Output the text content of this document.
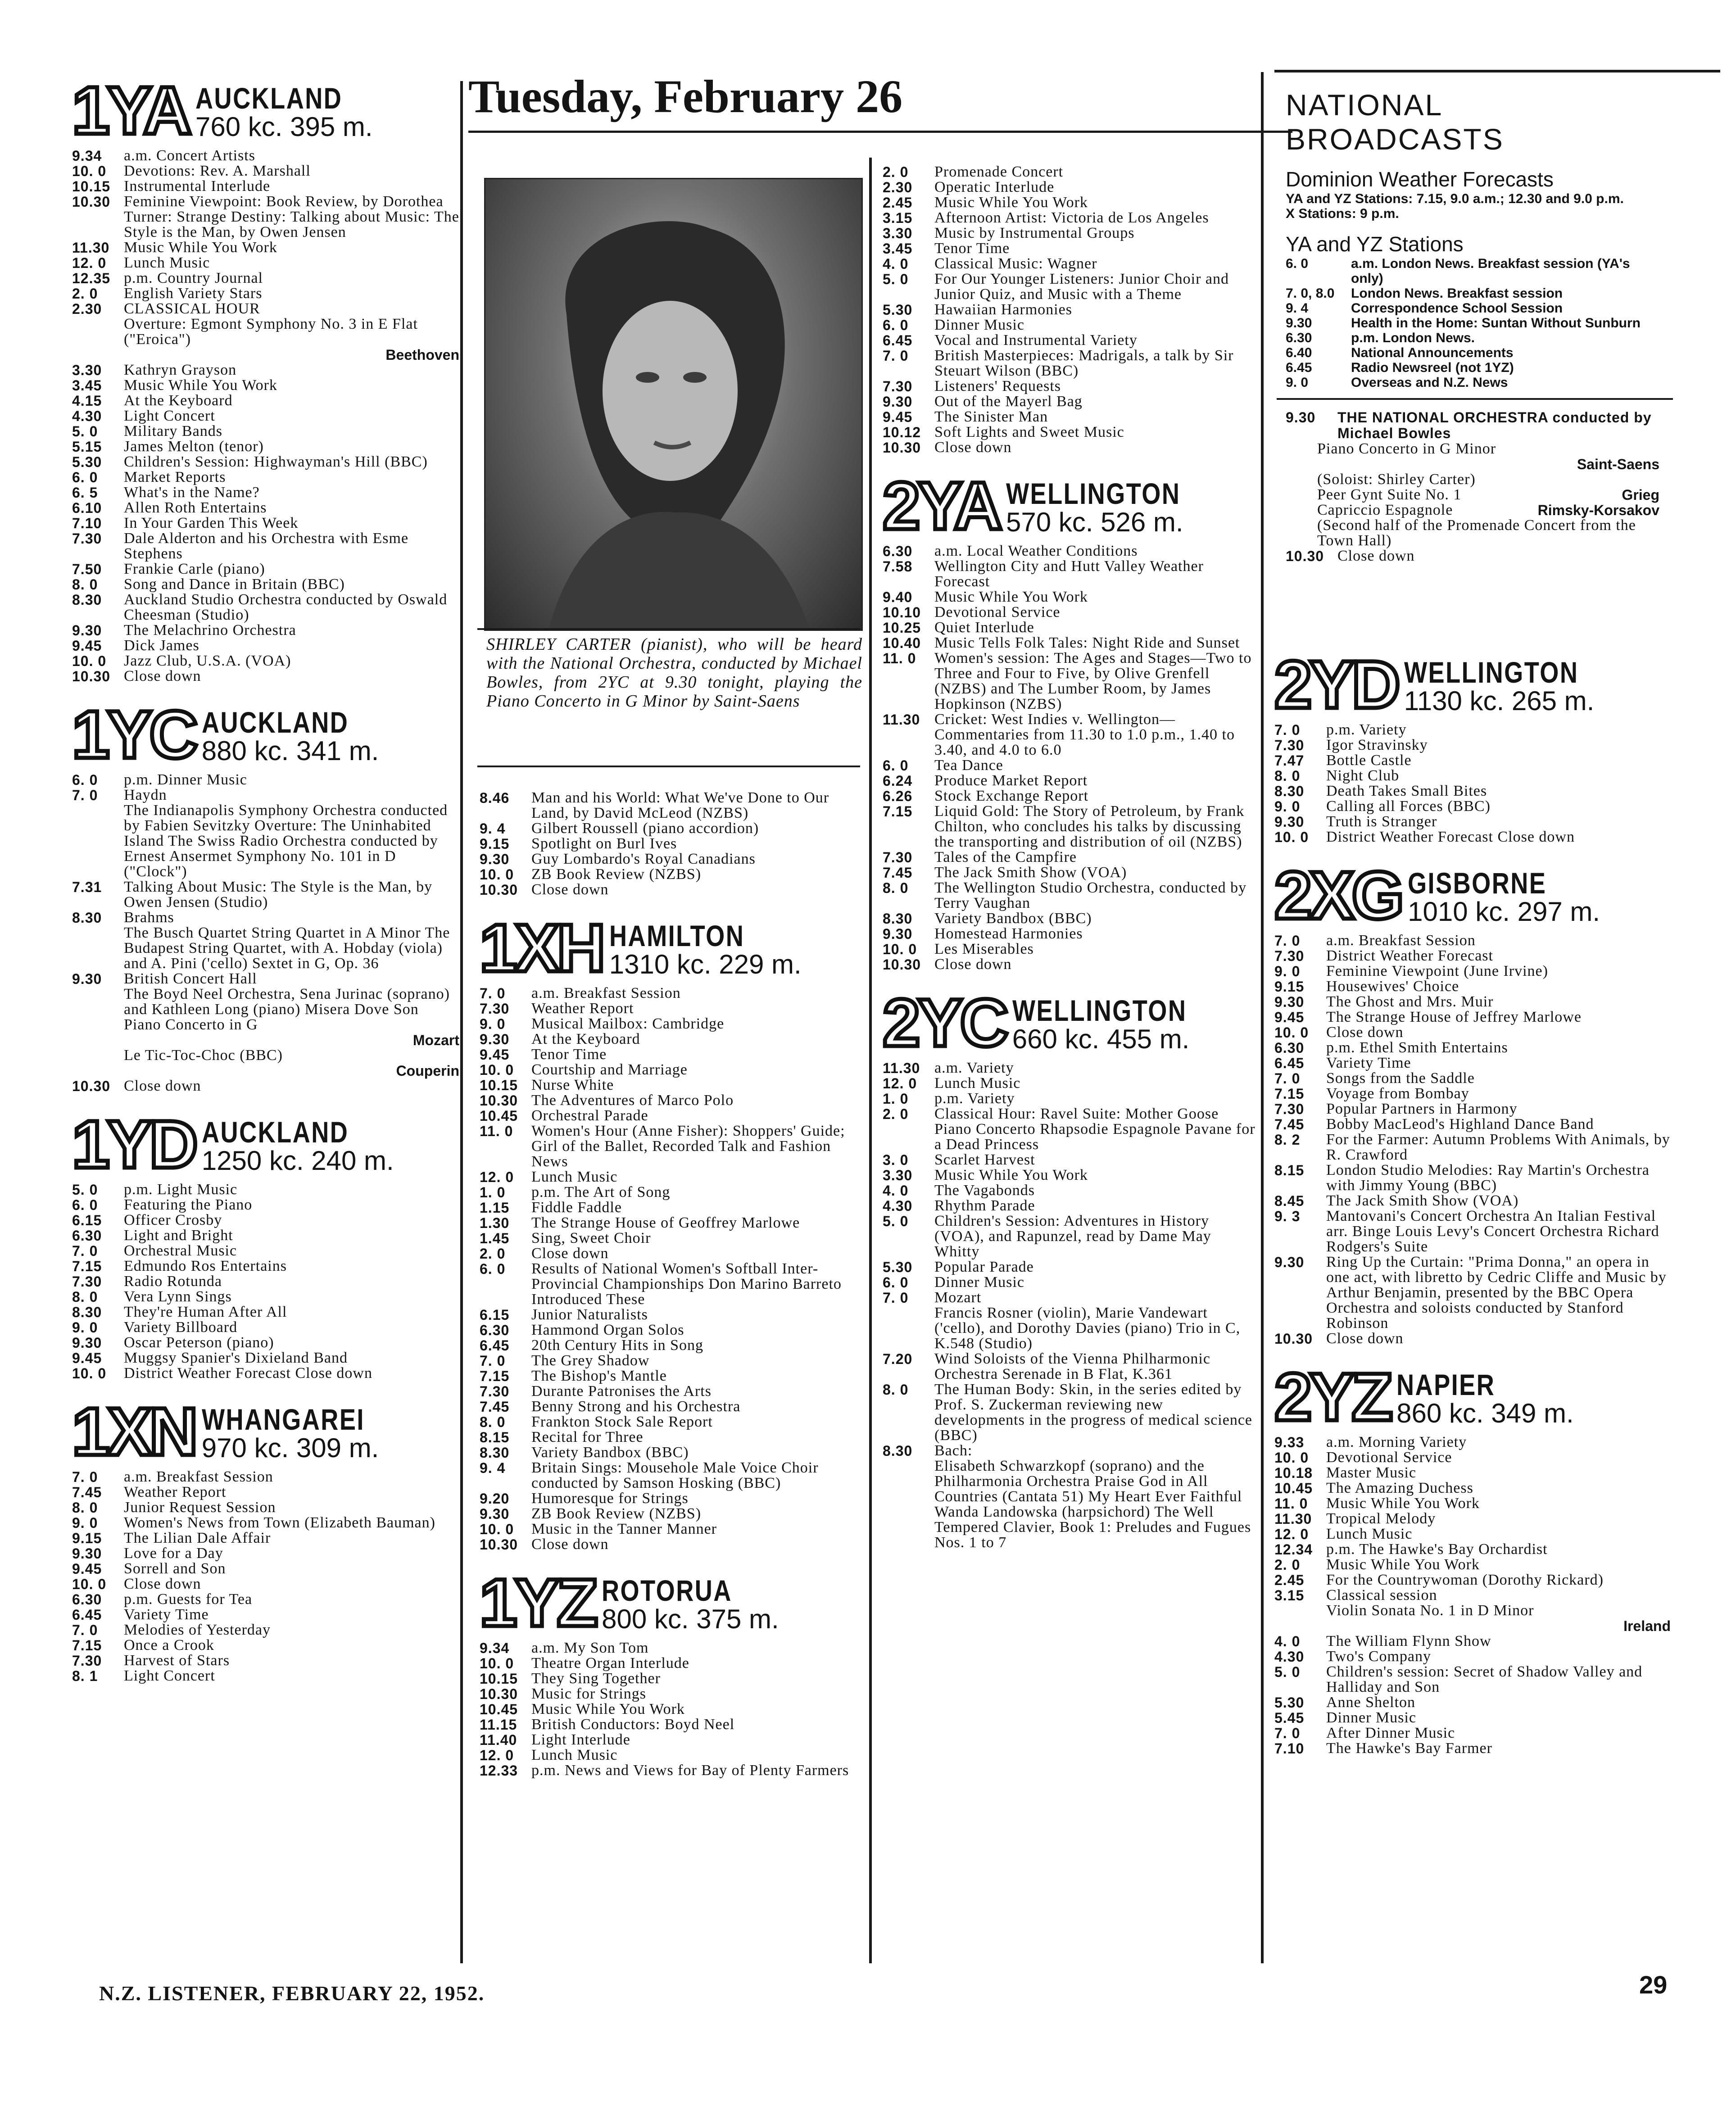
Tuesday, February 26
SHIRLEY CARTER (pianist), who will be heard with the National Orchestra, conducted by Michael Bowles, from 2YC at 9.30 tonight, playing the Piano Concerto in G Minor by Saint-Saens
1YA AUCKLAND
760 kc. 395 m.
9.34	a.m. Concert Artists
10. 0	Devotions: Rev. A. Marshall
10.15 Instrumental Interlude
10.30 Feminine Viewpoint: Book Review, by Dorothea Turner: Strange Destiny: Talking about Music: The Style is the Man, by Owen Jensen
11.30 Music While You Work
12. 0	Lunch Music
12.35 p.m. Country Journal
2. 0	English Variety Stars
2.30	CLASSICAL HOUR
Overture: Egmont Symphony No. 3 in E Flat ("Eroica")
Beethoven
3.30	Kathryn Grayson
3.45	Music While You Work
4.15	At the Keyboard
4.30	Light Concert
5. 0	Military Bands
5.15	James Melton (tenor)
5.30	Children's Session: Highwayman's Hill (BBC)
6. 0	Market Reports
6. 5	What's in the Name?
6.10	Allen Roth Entertains
7.10	In Your Garden This Week
7.30	Dale Alderton and his Orchestra with Esme Stephens
7.50	Frankie Carle (piano)
8. 0	Song and Dance in Britain (BBC)
8.30	Auckland Studio Orchestra conducted by Oswald Cheesman (Studio)
9.30	The Melachrino Orchestra
9.45	Dick James
10. 0	Jazz Club, U.S.A. (VOA)
10.30 Close down
1YC AUCKLAND
880 kc. 341 m.
6. 0	p.m. Dinner Music
7. 0	Haydn
The Indianapolis Symphony Orchestra conducted by Fabien Sevitzky Overture: The Uninhabited Island The Swiss Radio Orchestra conducted by Ernest Ansermet Symphony No. 101 in D ("Clock")
7.31	Talking About Music: The Style is the Man, by Owen Jensen (Studio)
8.30	Brahms
The Busch Quartet String Quartet in A Minor The Budapest String Quartet, with A. Hobday (viola) and A. Pini ('cello) Sextet in G, Op. 36
9.30	British Concert Hall
The Boyd Neel Orchestra, Sena Jurinac (soprano) and Kathleen Long (piano) Misera Dove Son Piano Concerto in G
Mozart
Le Tic-Toc-Choc (BBC)
Couperin
10.30 Close down
1YD AUCKLAND
1250 kc. 240 m.
5. 0	p.m. Light Music
6. 0	Featuring the Piano
6.15	Officer Crosby
6.30	Light and Bright
7. 0	Orchestral Music
7.15	Edmundo Ros Entertains
7.30	Radio Rotunda
8. 0	Vera Lynn Sings
8.30	They're Human After All
9. 0	Variety Billboard
9.30	Oscar Peterson (piano)
9.45	Muggsy Spanier's Dixieland Band
10. 0	District Weather Forecast Close down
1XN WHANGAREI
970 kc. 309 m.
7. 0	a.m. Breakfast Session
7.45	Weather Report
8. 0	Junior Request Session
9. 0	Women's News from Town (Elizabeth Bauman)
9.15	The Lilian Dale Affair
9.30	Love for a Day
9.45	Sorrell and Son
10. 0	Close down
6.30	p.m. Guests for Tea
6.45	Variety Time
7. 0	Melodies of Yesterday
7.15	Once a Crook
7.30	Harvest of Stars
8. 1	Light Concert
8.46	Man and his World: What We've Done to Our Land, by David McLeod (NZBS)
9. 4	Gilbert Roussell (piano accordion)
9.15	Spotlight on Burl Ives
9.30	Guy Lombardo's Royal Canadians
10. 0	ZB Book Review (NZBS)
10.30 Close down
1XH HAMILTON
1310 kc. 229 m.
7. 0	a.m. Breakfast Session
7.30	Weather Report
9. 0	Musical Mailbox: Cambridge
9.30	At the Keyboard
9.45	Tenor Time
10. 0	Courtship and Marriage
10.15 Nurse White
10.30 The Adventures of Marco Polo
10.45 Orchestral Parade
11. 0	Women's Hour (Anne Fisher): Shoppers' Guide; Girl of the Ballet, Recorded Talk and Fashion News
12. 0	Lunch Music
1. 0	p.m. The Art of Song
1.15	Fiddle Faddle
1.30	The Strange House of Geoffrey Marlowe
1.45	Sing, Sweet Choir
2. 0	Close down
6. 0	Results of National Women's Softball Inter-Provincial Championships Don Marino Barreto Introduced These
6.15	Junior Naturalists
6.30	Hammond Organ Solos
6.45	20th Century Hits in Song
7. 0	The Grey Shadow
7.15	The Bishop's Mantle
7.30	Durante Patronises the Arts
7.45	Benny Strong and his Orchestra
8. 0	Frankton Stock Sale Report
8.15	Recital for Three
8.30	Variety Bandbox (BBC)
9. 4	Britain Sings: Mousehole Male Voice Choir conducted by Samson Hosking (BBC)
9.20	Humoresque for Strings
9.30	ZB Book Review (NZBS)
10. 0	Music in the Tanner Manner
10.30 Close down
1YZ ROTORUA
800 kc. 375 m.
9.34	a.m. My Son Tom
10. 0	Theatre Organ Interlude
10.15 They Sing Together
10.30 Music for Strings
10.45 Music While You Work
11.15 British Conductors: Boyd Neel
11.40 Light Interlude
12. 0	Lunch Music
12.33 p.m. News and Views for Bay of Plenty Farmers
2. 0	Promenade Concert
2.30	Operatic Interlude
2.45	Music While You Work
3.15	Afternoon Artist: Victoria de Los Angeles
3.30	Music by Instrumental Groups
3.45	Tenor Time
4. 0	Classical Music: Wagner
5. 0	For Our Younger Listeners: Junior Choir and Junior Quiz, and Music with a Theme
5.30	Hawaiian Harmonies
6. 0	Dinner Music
6.45	Vocal and Instrumental Variety
7. 0	British Masterpieces: Madrigals, a talk by Sir Steuart Wilson (BBC)
7.30	Listeners' Requests
9.30	Out of the Mayerl Bag
9.45	The Sinister Man
10.12 Soft Lights and Sweet Music
10.30 Close down
2YA WELLINGTON
570 kc. 526 m.
6.30	a.m. Local Weather Conditions
7.58	Wellington City and Hutt Valley Weather Forecast
9.40	Music While You Work
10.10 Devotional Service
10.25 Quiet Interlude
10.40 Music Tells Folk Tales: Night Ride and Sunset
11. 0	Women's session: The Ages and Stages—Two to Three and Four to Five, by Olive Grenfell (NZBS) and The Lumber Room, by James Hopkinson (NZBS)
11.30 Cricket: West Indies v. Wellington—Commentaries from 11.30 to 1.0 p.m., 1.40 to 3.40, and 4.0 to 6.0
6. 0	Tea Dance
6.24	Produce Market Report
6.26	Stock Exchange Report
7.15	Liquid Gold: The Story of Petroleum, by Frank Chilton, who concludes his talks by discussing the transporting and distribution of oil (NZBS)
7.30	Tales of the Campfire
7.45	The Jack Smith Show (VOA)
8. 0	The Wellington Studio Orchestra, conducted by Terry Vaughan
8.30	Variety Bandbox (BBC)
9.30	Homestead Harmonies
10. 0	Les Miserables
10.30 Close down
2YC WELLINGTON
660 kc. 455 m.
11.30 a.m. Variety
12. 0	Lunch Music
1. 0	p.m. Variety
2. 0	Classical Hour: Ravel Suite: Mother Goose Piano Concerto Rhapsodie Espagnole Pavane for a Dead Princess
3. 0	Scarlet Harvest
3.30	Music While You Work
4. 0	The Vagabonds
4.30	Rhythm Parade
5. 0	Children's Session: Adventures in History (VOA), and Rapunzel, read by Dame May Whitty
5.30	Popular Parade
6. 0	Dinner Music
7. 0	Mozart
Francis Rosner (violin), Marie Vandewart ('cello), and Dorothy Davies (piano) Trio in C, K.548 (Studio)
7.20	Wind Soloists of the Vienna Philharmonic Orchestra Serenade in B Flat, K.361
8. 0	The Human Body: Skin, in the series edited by Prof. S. Zuckerman reviewing new developments in the progress of medical science (BBC)
8.30	Bach:
Elisabeth Schwarzkopf (soprano) and the Philharmonia Orchestra Praise God in All Countries (Cantata 51) My Heart Ever Faithful Wanda Landowska (harpsichord) The Well Tempered Clavier, Book 1: Preludes and Fugues Nos. 1 to 7
2YD WELLINGTON
1130 kc. 265 m.
7. 0	p.m. Variety
7.30	Igor Stravinsky
7.47	Bottle Castle
8. 0	Night Club
8.30	Death Takes Small Bites
9. 0	Calling all Forces (BBC)
9.30	Truth is Stranger
10. 0	District Weather Forecast Close down
2XG GISBORNE
1010 kc. 297 m.
7. 0	a.m. Breakfast Session
7.30	District Weather Forecast
9. 0	Feminine Viewpoint (June Irvine)
9.15	Housewives' Choice
9.30	The Ghost and Mrs. Muir
9.45	The Strange House of Jeffrey Marlowe
10. 0	Close down
6.30	p.m. Ethel Smith Entertains
6.45	Variety Time
7. 0	Songs from the Saddle
7.15	Voyage from Bombay
7.30	Popular Partners in Harmony
7.45	Bobby MacLeod's Highland Dance Band
8. 2	For the Farmer: Autumn Problems With Animals, by R. Crawford
8.15	London Studio Melodies: Ray Martin's Orchestra with Jimmy Young (BBC)
8.45	The Jack Smith Show (VOA)
9. 3	Mantovani's Concert Orchestra An Italian Festival arr. Binge Louis Levy's Concert Orchestra Richard Rodgers's Suite
9.30	Ring Up the Curtain: "Prima Donna," an opera in one act, with libretto by Cedric Cliffe and Music by Arthur Benjamin, presented by the BBC Opera Orchestra and soloists conducted by Stanford Robinson
10.30 Close down
2YZ NAPIER
860 kc. 349 m.
9.33	a.m. Morning Variety
10. 0	Devotional Service
10.18 Master Music
10.45 The Amazing Duchess
11. 0	Music While You Work
11.30 Tropical Melody
12. 0	Lunch Music
12.34 p.m. The Hawke's Bay Orchardist
2. 0	Music While You Work
2.45	For the Countrywoman (Dorothy Rickard)
3.15	Classical session
Violin Sonata No. 1 in D Minor
Ireland
4. 0	The William Flynn Show
4.30	Two's Company
5. 0	Children's session: Secret of Shadow Valley and Halliday and Son
5.30	Anne Shelton
5.45	Dinner Music
7. 0	After Dinner Music
7.10	The Hawke's Bay Farmer
NATIONAL BROADCASTS
Dominion Weather Forecasts
YA and YZ Stations: 7.15, 9.0 a.m.; 12.30 and 9.0 p.m.
X Stations: 9 p.m.
YA and YZ Stations
6. 0	a.m. London News. Breakfast session (YA's only)
7. 0, 8.0	London News. Breakfast session
9. 4	Correspondence School Session
9.30	Health in the Home: Suntan Without Sunburn
6.30	p.m. London News.
6.40	National Announcements
6.45	Radio Newsreel (not 1YZ)
9. 0	Overseas and N.Z. News
9.30	THE NATIONAL ORCHESTRA conducted by Michael Bowles
Piano Concerto in G Minor
Saint-Saens
(Soloist: Shirley Carter)
Peer Gynt Suite No. 1	Grieg
Capriccio Espagnole	Rimsky-Korsakov
(Second half of the Promenade Concert from the Town Hall)
10.30 Close down
N.Z. LISTENER, FEBRUARY 22, 1952.	29
